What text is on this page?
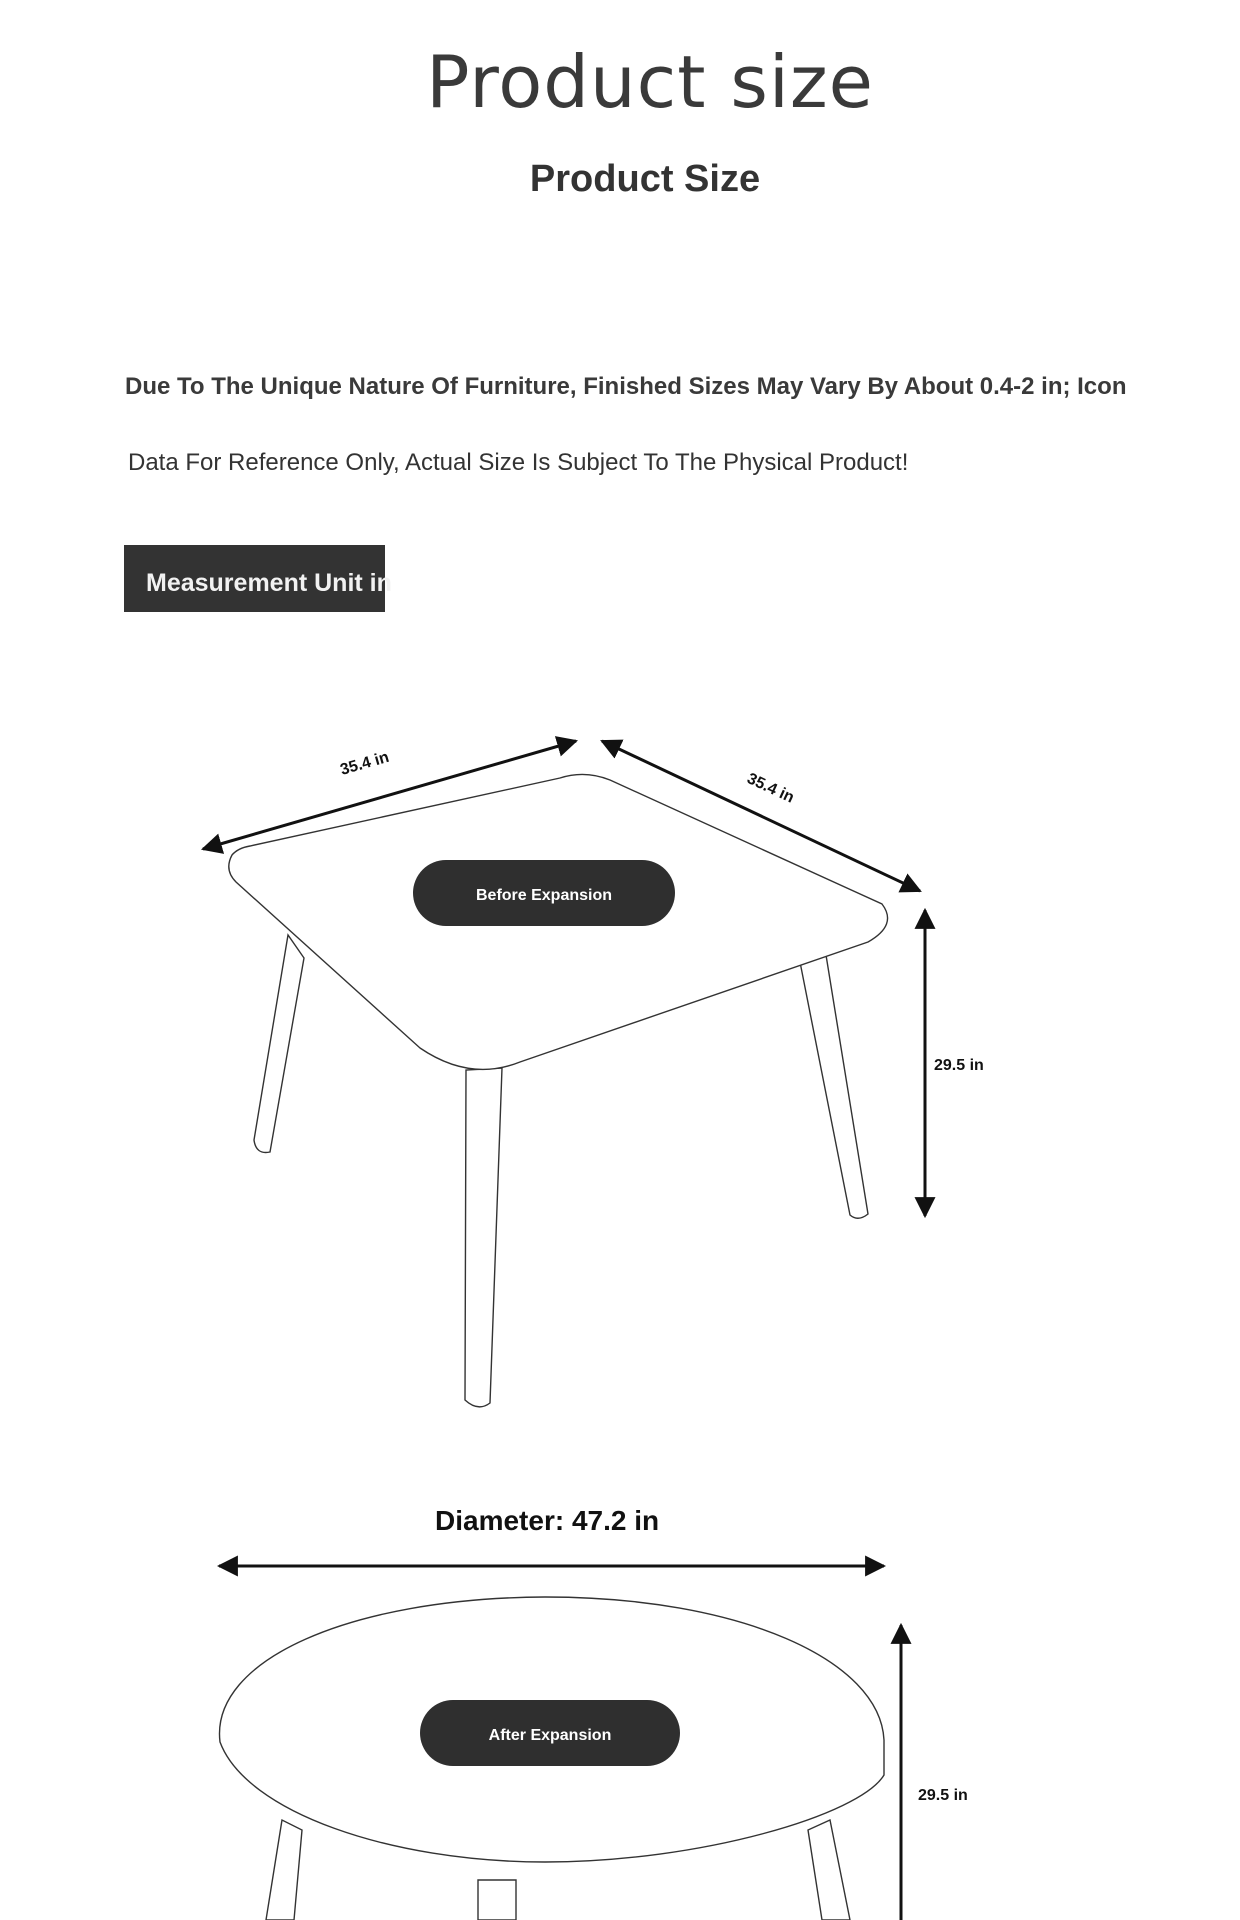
Product size
Product Size
Due To The Unique Nature Of Furniture, Finished Sizes May Vary By About 0.4-2 in; Icon
Data For Reference Only, Actual Size Is Subject To The Physical Product!
Measurement Unit in
35.4 in
35.4 in
29.5 in
29.5 in
Before Expansion
Diameter: 47.2 in
After Expansion
